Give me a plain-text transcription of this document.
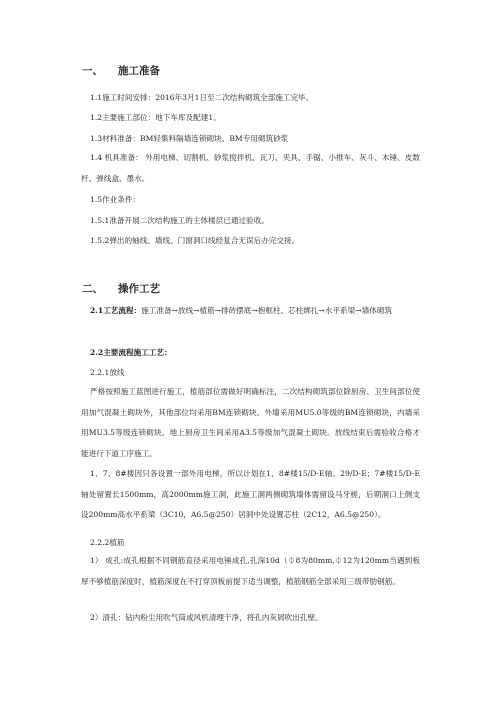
一、 施工准备
1.1施工时间安排：2016年3月1日至二次结构砌筑全部施工完毕。
1.2主要施工部位：地下车库及配建1。
1.3材料准备：BM轻集料隔墙连锁砌块、BM专用砌筑砂浆
1.4 机具准备： 外用电梯、切割机、砂浆搅拌机、瓦刀、夹具、手锯、小推车、灰斗、木锤、皮数杆、弹线盒、墨水。
1.5作业条件：
1.5.1准备开展二次结构施工的主体楼层已通过验收。
1.5.2弹出的轴线、墙线、门窗洞口线经复合无误后办完交接。
二、 操作工艺
2.1工艺流程：施工准备→放线→植筋→排砖摆底→抱框柱、芯柱绑扎→水平系梁→墙体砌筑
2.2主要流程施工工艺：
2.2.1放线
严格按照施工蓝图进行施工，植筋部位需做好明确标注，二次结构砌筑部位除厨房、卫生间部位使用加气混凝土砌块外，其他部位均采用BM连锁砌块。外墙采用MU5.0等级的BM连锁砌块，内墙采用MU3.5等级连锁砌块。地上厨房卫生间采用A3.5等级加气混凝土砌块。放线结束后需验收合格才能进行下道工序施工。
1、7、8#楼因只各设置一部外用电梯，所以计划在1、8#楼15/D-E轴、29/D-E；7#楼15/D-E轴处留置长1500mm，高2000mm施工洞，此施工洞两侧砌筑墙体需留设马牙槎，后期洞口上侧支设200mm高水平系梁（3C10，A6.5@250）居洞中处设置芯柱（2C12，A6.5@250）。
2.2.2植筋
1） 成孔:成孔根据不同钢筋直径采用电锤成孔,孔深10d（⏀8为80mm,⏀12为120mm当遇到板厚不够植筋深度时，植筋深度在不打穿顶板前提下适当调整，植筋钢筋全部采用三级带肋钢筋。
2）清孔：钻内粉尘用吹气筒或风机清理干净，将孔内灰屑吹出孔壁。
